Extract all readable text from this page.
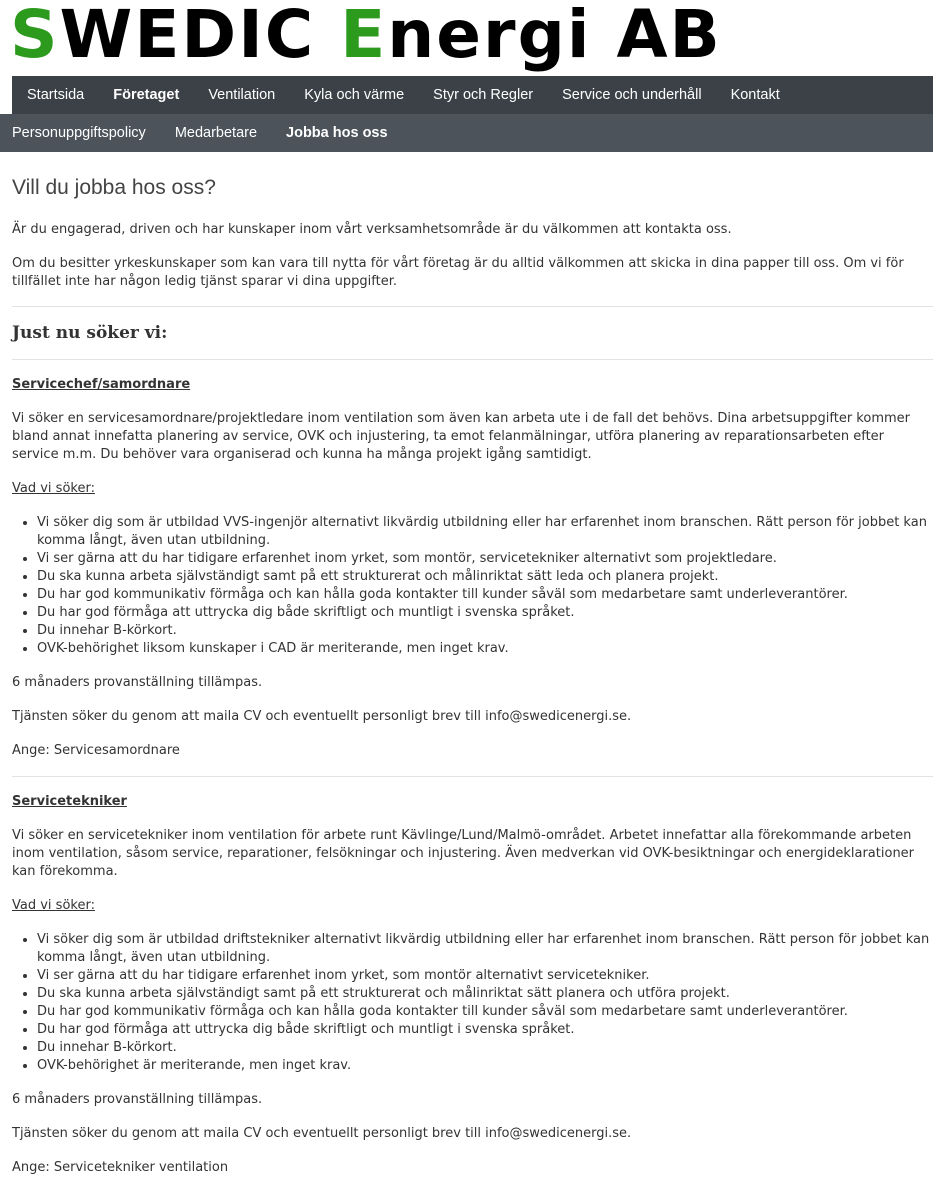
SWEDIC Energi AB
Startsida	Företaget	Ventilation	Kyla och värme	Styr och Regler	Service och underhåll	Kontakt
Personuppgiftspolicy	Medarbetare	Jobba hos oss
Vill du jobba hos oss?

Är du engagerad, driven och har kunskaper inom vårt verksamhetsområde är du välkommen att kontakta oss.

Om du besitter yrkeskunskaper som kan vara till nytta för vårt företag är du alltid välkommen att skicka in dina papper till oss. Om vi för tillfället inte har någon ledig tjänst sparar vi dina uppgifter.

Just nu söker vi:

Servicechef/samordnare

Vi söker en servicesamordnare/projektledare inom ventilation som även kan arbeta ute i de fall det behövs. Dina arbetsuppgifter kommer bland annat innefatta planering av service, OVK och injustering, ta emot felanmälningar, utföra planering av reparationsarbeten efter service m.m. Du behöver vara organiserad och kunna ha många projekt igång samtidigt.

Vad vi söker:

• Vi söker dig som är utbildad VVS-ingenjör alternativt likvärdig utbildning eller har erfarenhet inom branschen. Rätt person för jobbet kan komma långt, även utan utbildning.
• Vi ser gärna att du har tidigare erfarenhet inom yrket, som montör, servicetekniker alternativt som projektledare.
• Du ska kunna arbeta självständigt samt på ett strukturerat och målinriktat sätt leda och planera projekt.
• Du har god kommunikativ förmåga och kan hålla goda kontakter till kunder såväl som medarbetare samt underleverantörer.
• Du har god förmåga att uttrycka dig både skriftligt och muntligt i svenska språket.
• Du innehar B-körkort.
• OVK-behörighet liksom kunskaper i CAD är meriterande, men inget krav.

6 månaders provanställning tillämpas.

Tjänsten söker du genom att maila CV och eventuellt personligt brev till info@swedicenergi.se.

Ange: Servicesamordnare

Servicetekniker

Vi söker en servicetekniker inom ventilation för arbete runt Kävlinge/Lund/Malmö-området. Arbetet innefattar alla förekommande arbeten inom ventilation, såsom service, reparationer, felsökningar och injustering. Även medverkan vid OVK-besiktningar och energideklarationer kan förekomma.

Vad vi söker:

• Vi söker dig som är utbildad driftstekniker alternativt likvärdig utbildning eller har erfarenhet inom branschen. Rätt person för jobbet kan komma långt, även utan utbildning.
• Vi ser gärna att du har tidigare erfarenhet inom yrket, som montör alternativt servicetekniker.
• Du ska kunna arbeta självständigt samt på ett strukturerat och målinriktat sätt planera och utföra projekt.
• Du har god kommunikativ förmåga och kan hålla goda kontakter till kunder såväl som medarbetare samt underleverantörer.
• Du har god förmåga att uttrycka dig både skriftligt och muntligt i svenska språket.
• Du innehar B-körkort.
• OVK-behörighet är meriterande, men inget krav.

6 månaders provanställning tillämpas.

Tjänsten söker du genom att maila CV och eventuellt personligt brev till info@swedicenergi.se.

Ange: Servicetekniker ventilation
